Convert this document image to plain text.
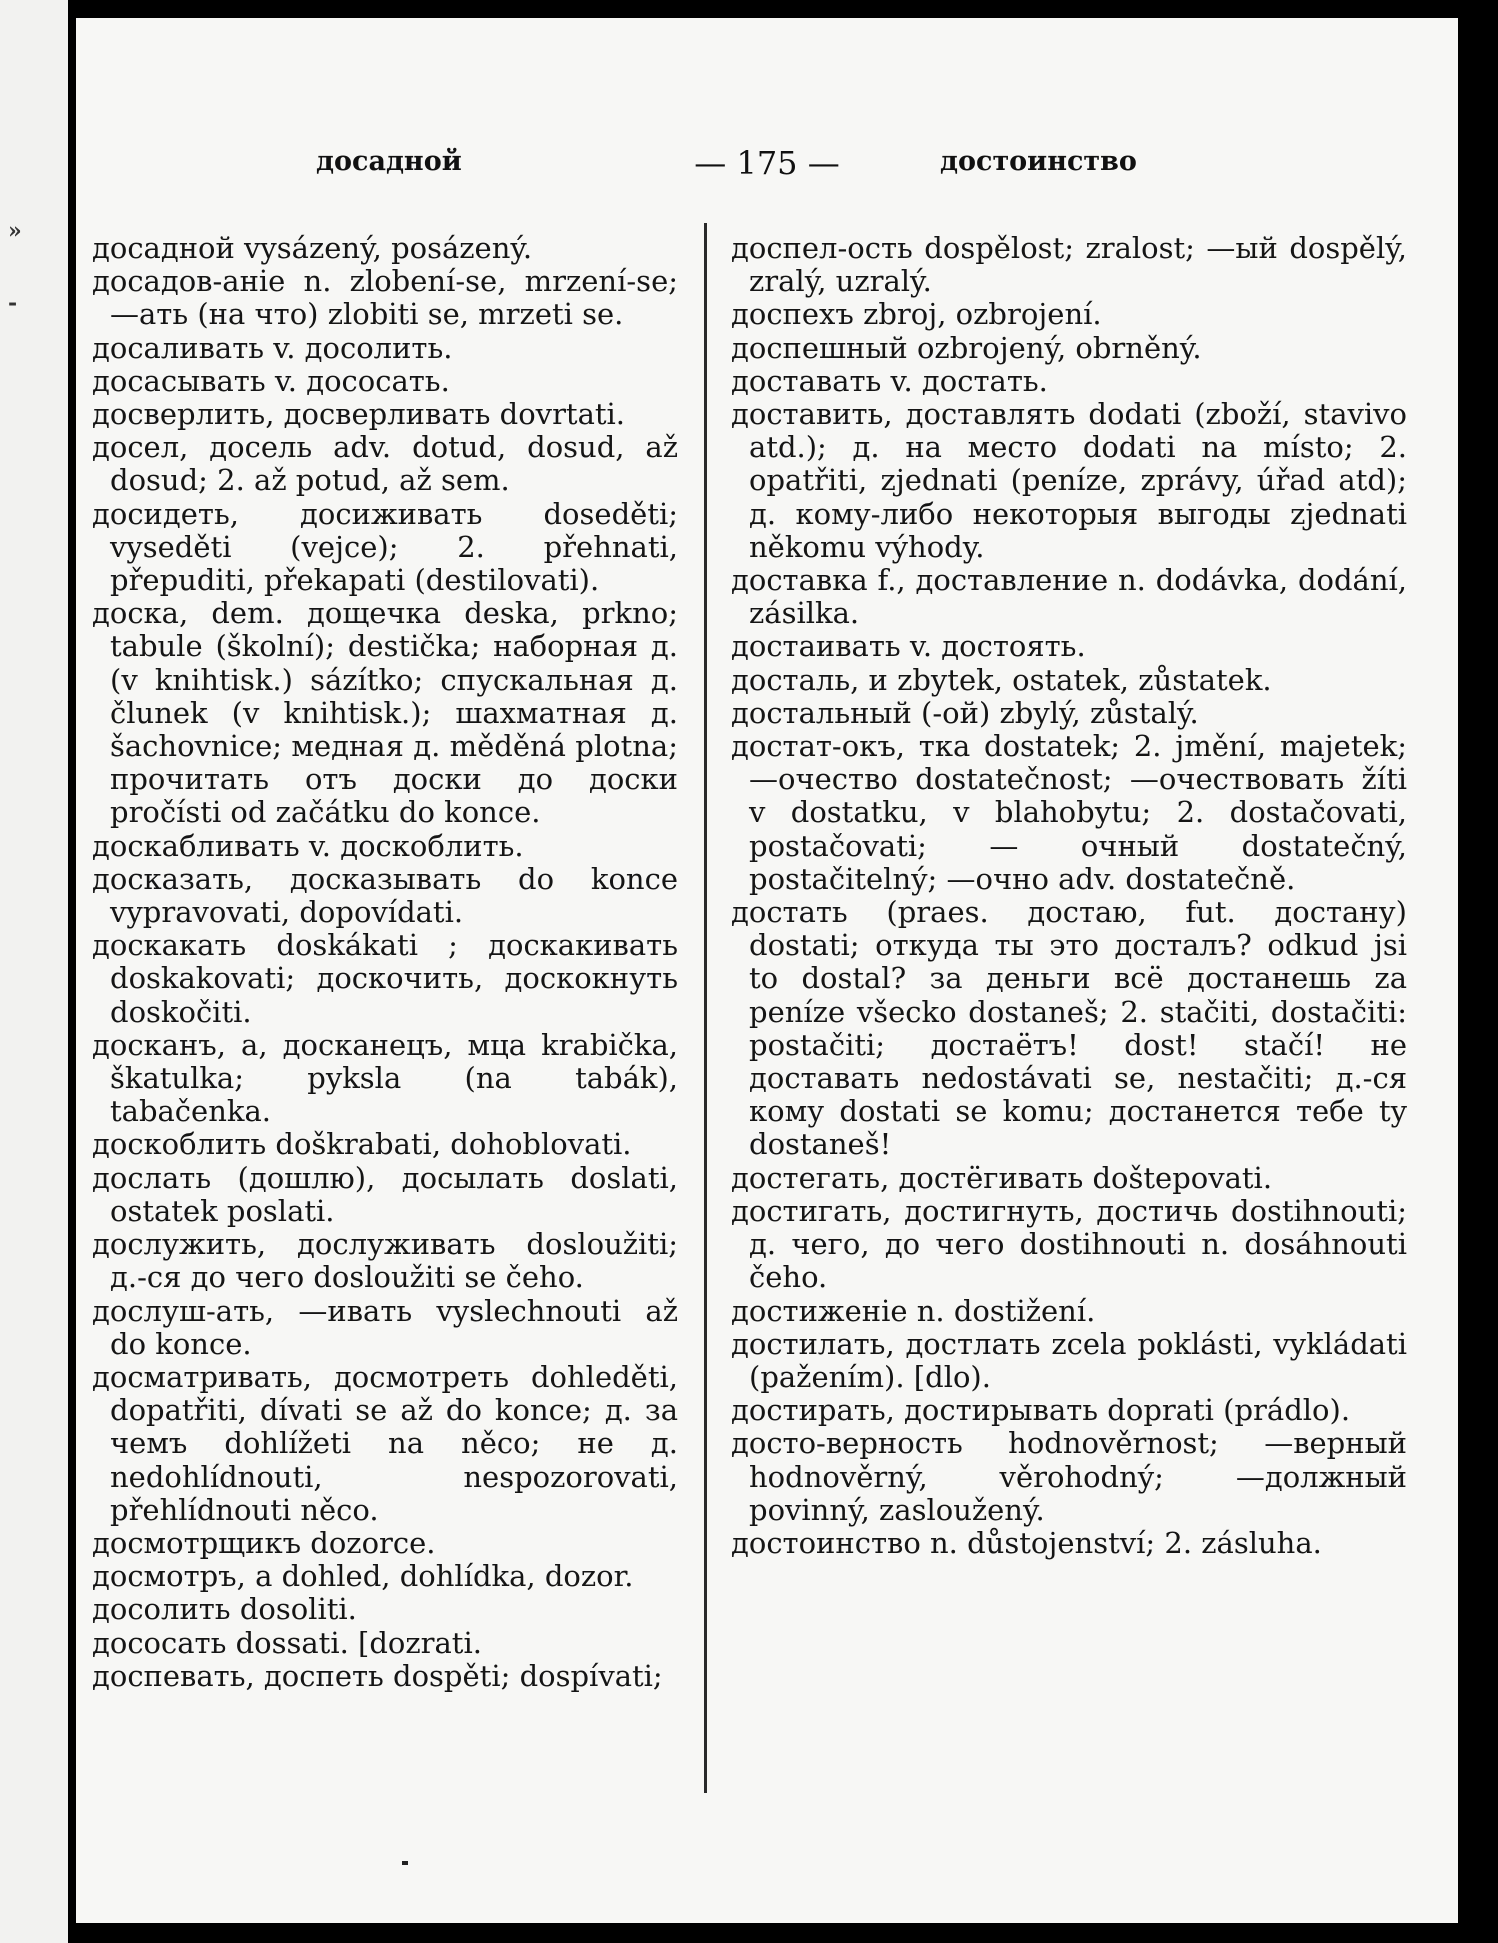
»
-
досадной	— 175 —	достоинство
досадной vysázený, posázený.
досадов-аніе n. zlobení-se, mrzení-se; —ать (на что) zlobiti se, mrzeti se.
досаливать v. досолить.
досасывать v. дососать.
досверлить, досверливать dovrtati.
досел, досель adv. dotud, dosud, až dosud; 2. až potud, až sem.
досидеть, досиживать doseděti; vyseděti (vejce); 2. přehnati, přepuditi, překapati (destilovati).
доска, dem. дощечка deska, prkno; tabule (školní); destička; наборная д. (v knihtisk.) sázítko; спускальная д. člunek (v knihtisk.); шахматная д. šachovnice; медная д. měděná plotna; прочитать отъ доски до доски pročísti od začátku do konce.
доскабливать v. доскоблить.
досказать, досказывать do konce vypravovati, dopovídati.
доскакать doskákati ; доскакивать doskakovati; доскочить, доскокнуть doskočiti.
досканъ, а, досканецъ, мца krabička, škatulka; pyksla (na tabák), tabačenka.
доскоблить doškrabati, dohoblovati.
дослать (дошлю), досылать doslati, ostatek poslati.
дослужить, дослуживать dosloužiti; д.-ся до чего dosloužiti se čeho.
дослуш-ать, —ивать vyslechnouti až do konce.
досматривать, досмотреть dohleděti, dopatřiti, dívati se až do konce; д. за чемъ dohlížeti na něco; не д. nedohlídnouti, nespozorovati, přehlídnouti něco.
досмотрщикъ dozorce.
досмотръ, а dohled, dohlídka, dozor.
досолить dosoliti.
дососать dossati. [dozrati.
доспевать, доспеть dospěti; dospívati;
доспел-ость dospělost; zralost; —ый dospělý, zralý, uzralý.
доспехъ zbroj, ozbrojení.
доспешный ozbrojený, obrněný.
доставать v. достать.
доставить, доставлять dodati (zboží, stavivo atd.); д. на место dodati na místo; 2. opatřiti, zjednati (peníze, zprávy, úřad atd); д. кому-либо некоторыя выгоды zjednati někomu výhody.
доставка f., доставление n. dodávka, dodání, zásilka.
достаивать v. достоять.
досталь, и zbytek, ostatek, zůstatek.
достальный (-ой) zbylý, zůstalý.
достат-окъ, тка dostatek; 2. jmění, majetek; —очество dostatečnost; —очествовать žíti v dostatku, v blahobytu; 2. dostačovati, postačovati; — очный dostatečný, postačitelný; —очно adv. dostatečně.
достать (praes. достаю, fut. достану) dostati; откуда ты это досталъ? odkud jsi to dostal? за деньги всё достанешь za peníze všecko dostaneš; 2. stačiti, dostačiti: postačiti; достаётъ! dost! stačí! не доставать nedostávati se, nestačiti; д.-ся кому dostati se komu; достанется тебе ty dostaneš!
достегать, достёгивать doštepovati.
достигать, достигнуть, достичь dostihnouti; д. чего, до чего dostihnouti n. dosáhnouti čeho.
достиженіе n. dostižení.
достилать, достлать zcela poklásti, vykládati (pažením). [dlo).
достирать, достирывать doprati (prádlo).
досто-верность hodnověrnost; —верный hodnověrný, věrohodný; —должный povinný, zasloužený.
достоинство n. důstojenství; 2. zásluha.
